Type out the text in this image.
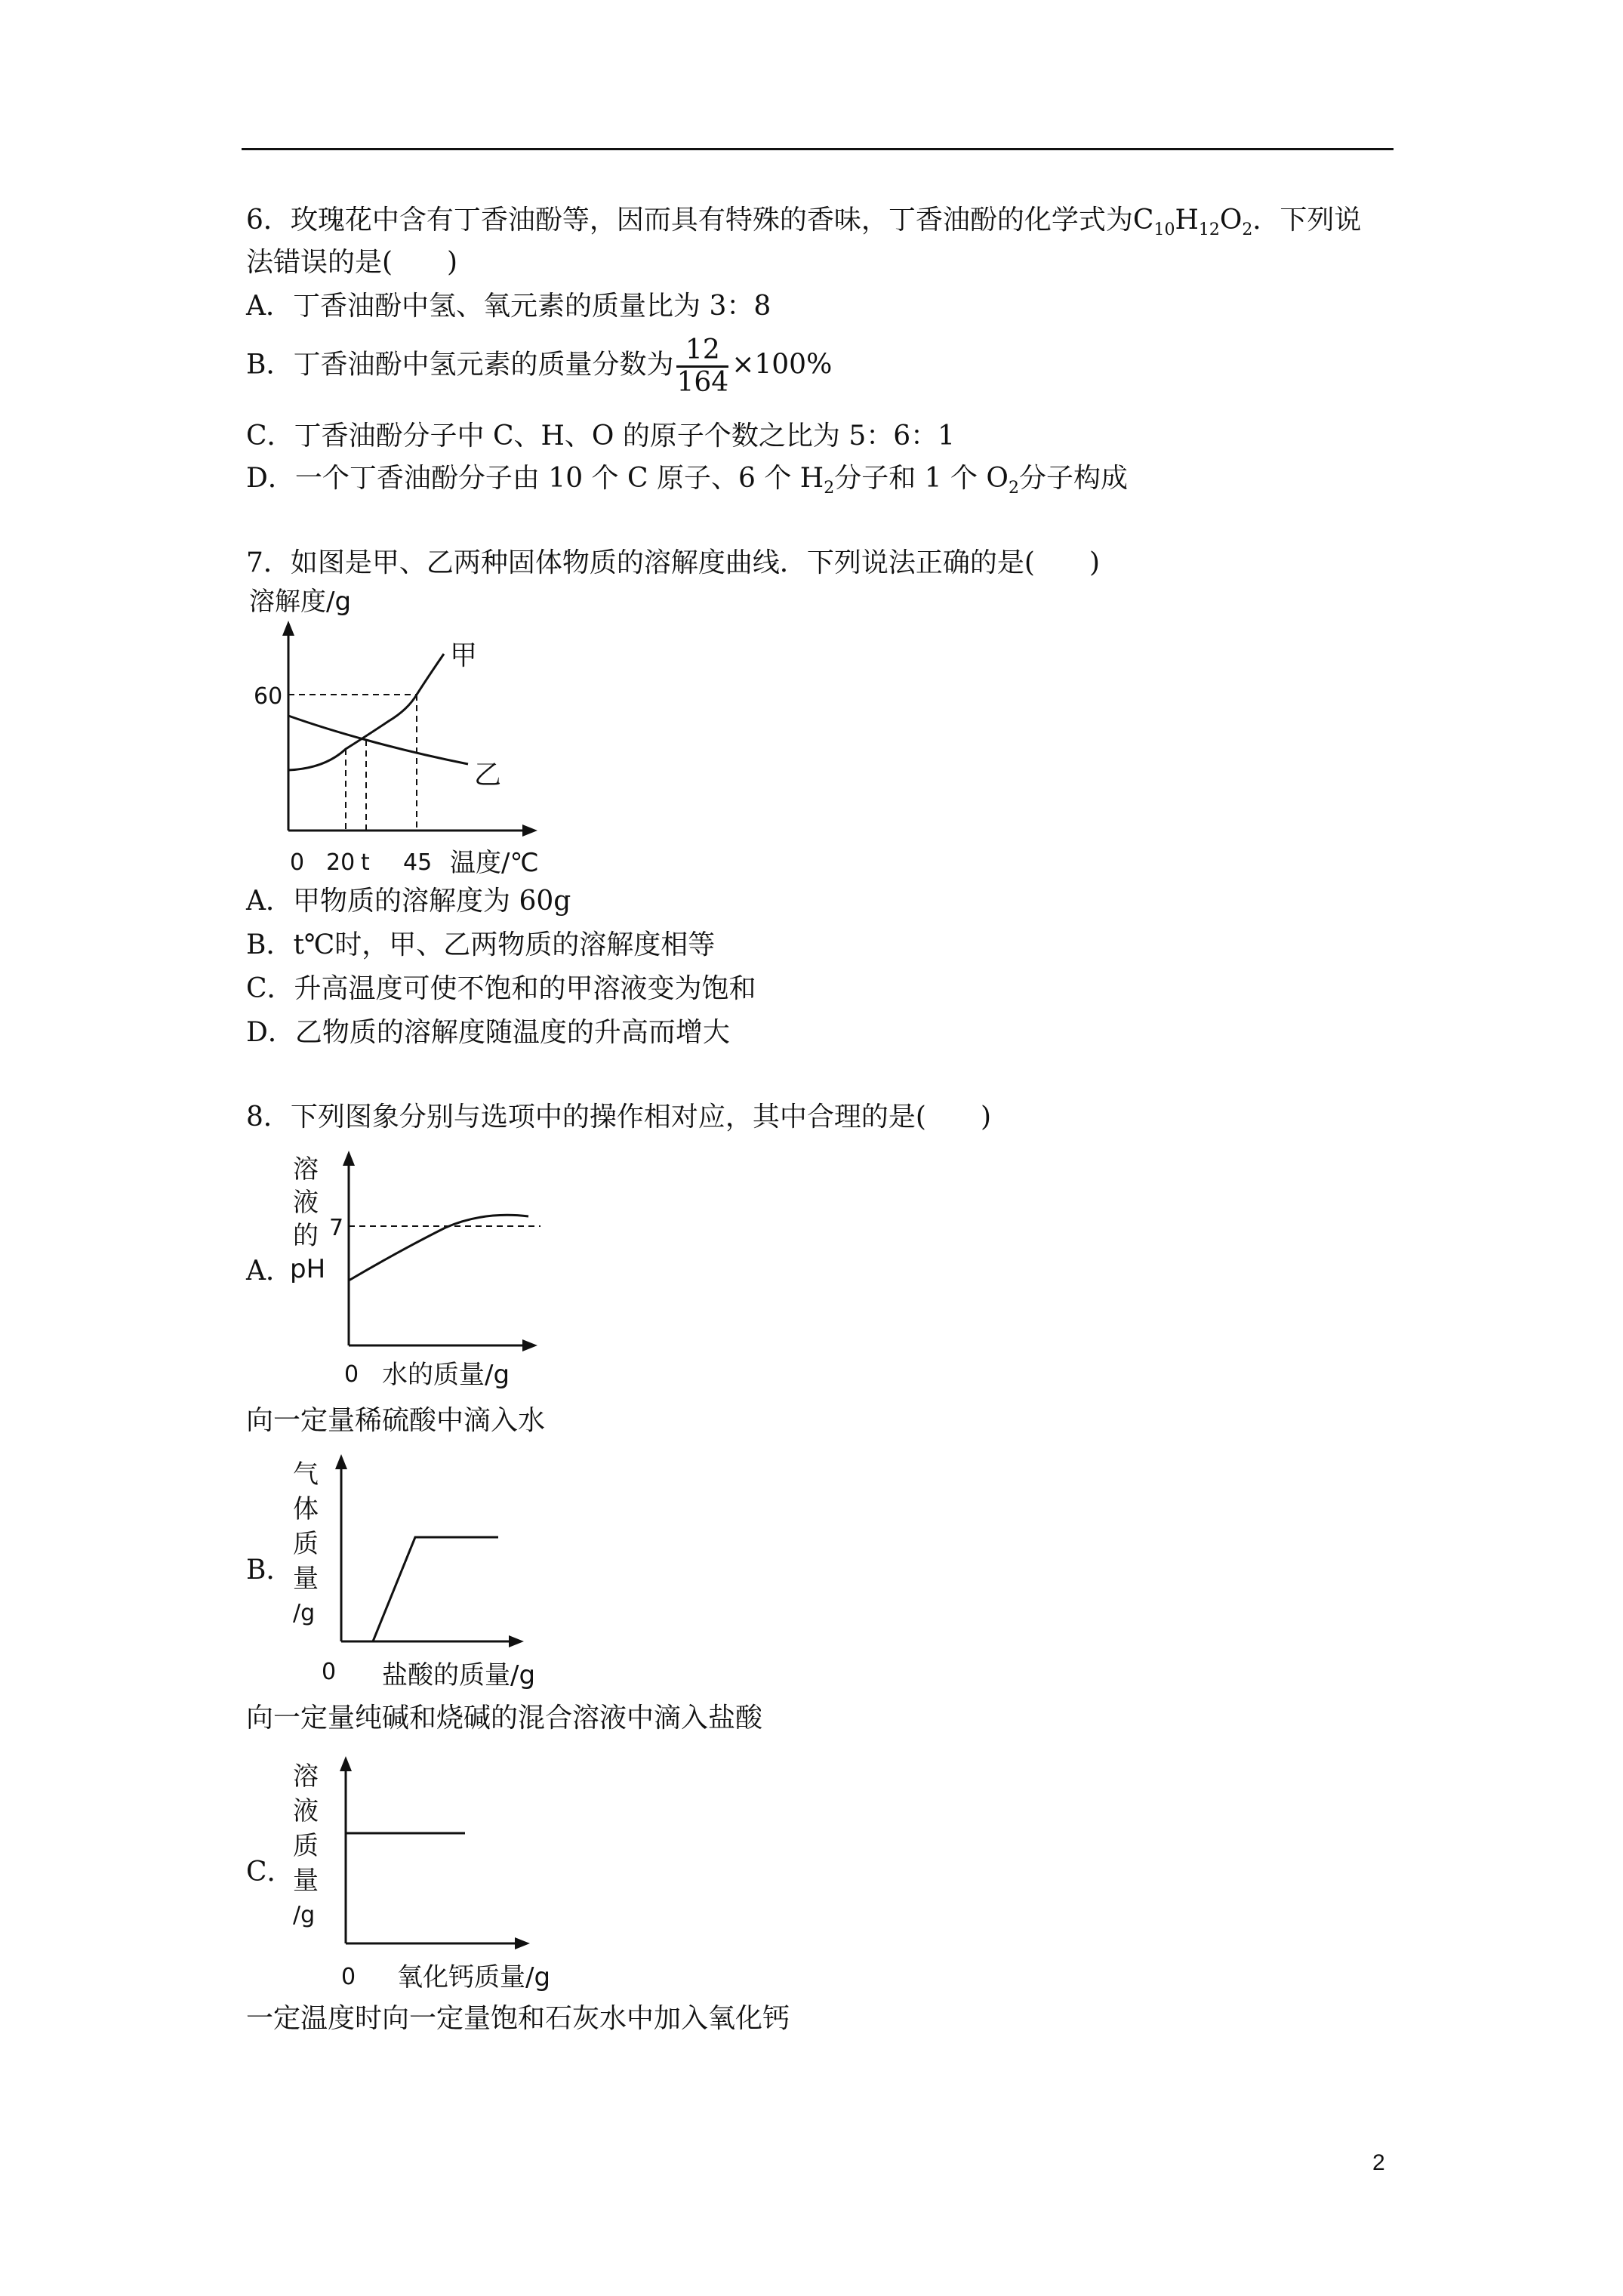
6．玫瑰花中含有丁香油酚等，因而具有特殊的香味，丁香油酚的化学式为$C_{10}H_{12}O_2$．下列说
法错误的是(　　)
A．丁香油酚中氢、氧元素的质量比为 3：8
B．丁香油酚中氢元素的质量分数为 $\frac{12}{164} \times 100\%$
C．丁香油酚分子中 C、H、O 的原子个数之比为 5：6：1
D．一个丁香油酚分子由 10 个 C 原子、6 个 $H_2$分子和 1 个 $O_2$分子构成
7．如图是甲、乙两种固体物质的溶解度曲线．下列说法正确的是(　　)
溶解度/g
60
甲
乙
0 20 t 45 温度/℃
A．甲物质的溶解度为 60g
B．t℃时，甲、乙两物质的溶解度相等
C．升高温度可使不饱和的甲溶液变为饱和
D．乙物质的溶解度随温度的升高而增大
8．下列图象分别与选项中的操作相对应，其中合理的是(　　)
A．
溶
液
的
pH
7
0 水的质量/g
向一定量稀硫酸中滴入水
B．
气
体
质
量
/g
0 盐酸的质量/g
向一定量纯碱和烧碱的混合溶液中滴入盐酸
C．
溶
液
质
量
/g
0 氧化钙质量/g
一定温度时向一定量饱和石灰水中加入氧化钙
2
